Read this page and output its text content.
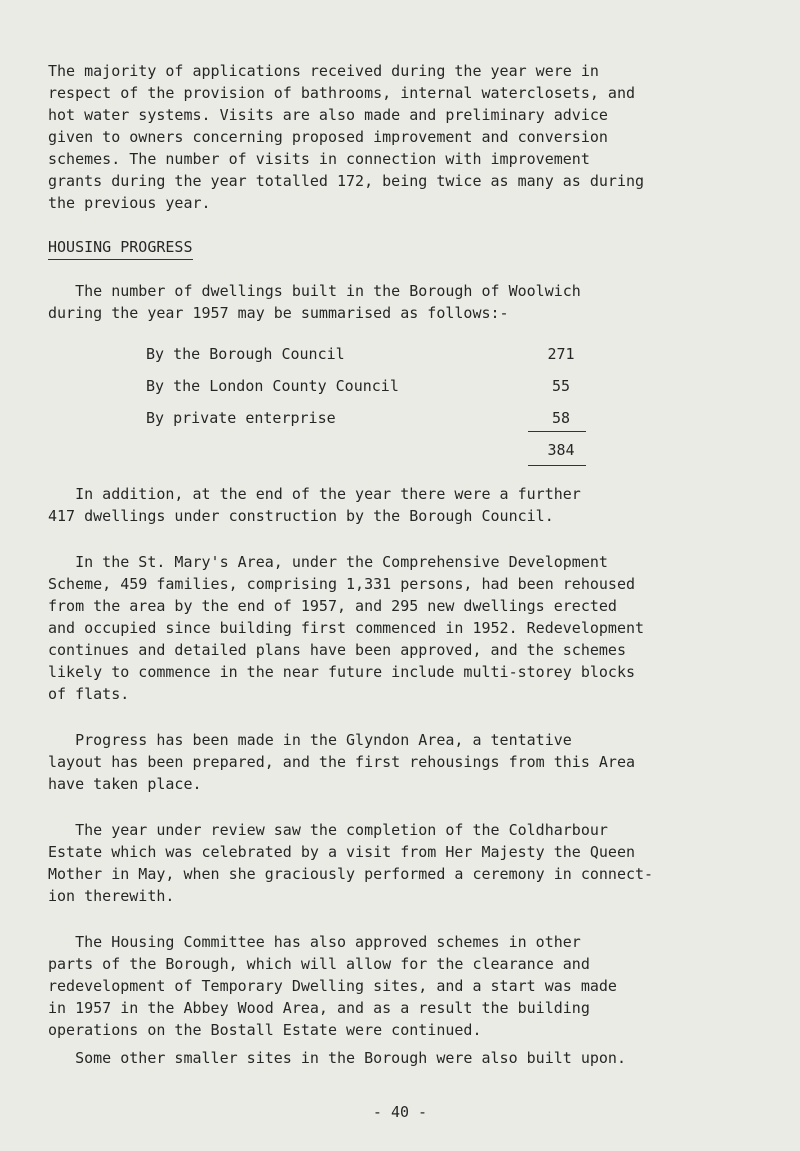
The majority of applications received during the year were in
respect of the provision of bathrooms, internal waterclosets, and
hot water systems. Visits are also made and preliminary advice
given to owners concerning proposed improvement and conversion
schemes. The number of visits in connection with improvement
grants during the year totalled 172, being twice as many as during
the previous year.
HOUSING PROGRESS
The number of dwellings built in the Borough of Woolwich
during the year 1957 may be summarised as follows:-
By the Borough Council	271
By the London County Council	55
By private enterprise	58
384
In addition, at the end of the year there were a further
417 dwellings under construction by the Borough Council.
In the St. Mary's Area, under the Comprehensive Development
Scheme, 459 families, comprising 1,331 persons, had been rehoused
from the area by the end of 1957, and 295 new dwellings erected
and occupied since building first commenced in 1952. Redevelopment
continues and detailed plans have been approved, and the schemes
likely to commence in the near future include multi-storey blocks
of flats.
Progress has been made in the Glyndon Area, a tentative
layout has been prepared, and the first rehousings from this Area
have taken place.
The year under review saw the completion of the Coldharbour
Estate which was celebrated by a visit from Her Majesty the Queen
Mother in May, when she graciously performed a ceremony in connect-
ion therewith.
The Housing Committee has also approved schemes in other
parts of the Borough, which will allow for the clearance and
redevelopment of Temporary Dwelling sites, and a start was made
in 1957 in the Abbey Wood Area, and as a result the building
operations on the Bostall Estate were continued.
Some other smaller sites in the Borough were also built upon.
- 40 -
